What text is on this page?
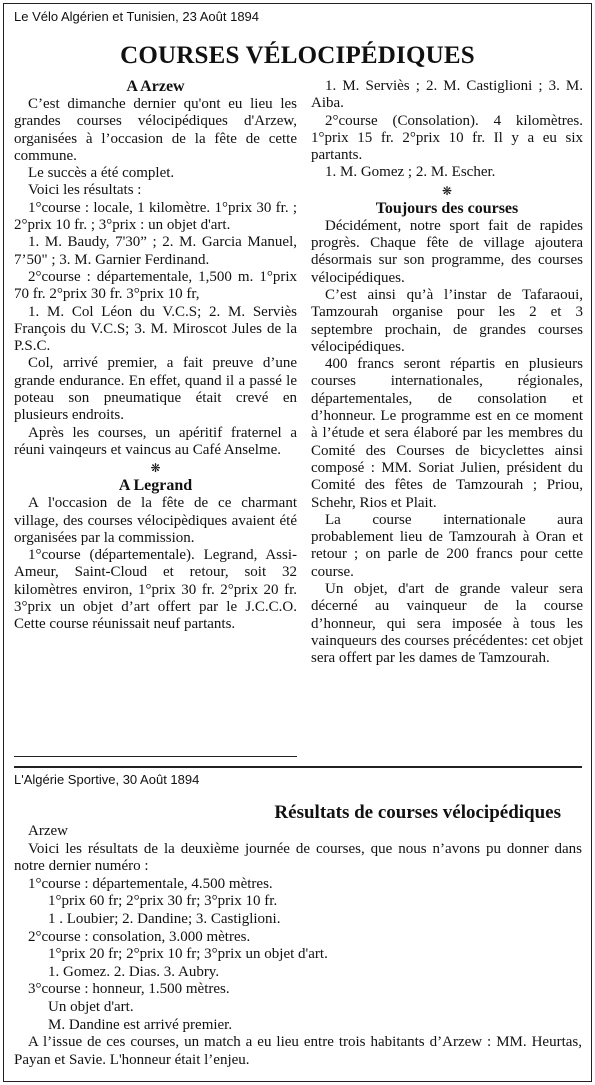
Le Vélo Algérien et Tunisien, 23 Août 1894
COURSES VÉLOCIPÉDIQUES

A Arzew

C’est dimanche dernier qu'ont eu lieu les grandes courses vélocipédiques d'Arzew, organisées à l’occasion de la fête de cette commune.

Le succès a été complet.

Voici les résultats :

1°course : locale, 1 kilomètre. 1°prix 30 fr. ; 2°prix 10 fr. ; 3°prix : un objet d'art.

1. M. Baudy, 7'30” ; 2. M. Garcia Manuel, 7’50" ; 3. M. Garnier Ferdinand.

2°course : départementale, 1,500 m. 1°prix 70 fr. 2°prix 30 fr. 3°prix 10 fr,

1. M. Col Léon du V.C.S; 2. M. Serviès François du V.C.S; 3. M. Miroscot Jules de la P.S.C.

Col, arrivé premier, a fait preuve d’une grande endurance. En effet, quand il a passé le poteau son pneumatique était crevé en plusieurs endroits.

Après les courses, un apéritif fraternel a réuni vainqeurs et vaincus au Café Anselme.

❋

A Legrand

A l'occasion de la fête de ce charmant village, des courses vélocipèdiques avaient été organisées par la commission.

1°course (départementale). Legrand, Assi-Ameur, Saint-Cloud et retour, soit 32 kilomètres environ, 1°prix 30 fr. 2°prix 20 fr. 3°prix un objet d’art offert par le J.C.C.O. Cette course réunissait neuf partants.

1. M. Serviès ; 2. M. Castiglioni ; 3. M. Aiba.

2°course (Consolation). 4 kilomètres. 1°prix 15 fr. 2°prix 10 fr. Il y a eu six partants.

1. M. Gomez ; 2. M. Escher.

❋

Toujours des courses

Décidément, notre sport fait de rapides progrès. Chaque fête de village ajoutera désormais sur son programme, des courses vélocipédiques.

C’est ainsi qu’à l’instar de Tafaraoui, Tamzourah organise pour les 2 et 3 septembre prochain, de grandes courses vélocipédiques.

400 francs seront répartis en plusieurs courses internationales, régionales, départementales, de consolation et d’honneur. Le programme est en ce moment à l’étude et sera élaboré par les membres du Comité des Courses de bicyclettes ainsi composé : MM. Soriat Julien, président du Comité des fêtes de Tamzourah ; Priou, Schehr, Rios et Plait.

La course internationale aura probablement lieu de Tamzourah à Oran et retour ; on parle de 200 francs pour cette course.

Un objet, d'art de grande valeur sera décerné au vainqueur de la course d’honneur, qui sera imposée à tous les vainqueurs des courses précédentes: cet objet sera offert par les dames de Tamzourah.

L'Algérie Sportive, 30 Août 1894
Résultats de courses vélocipédiques
Arzew
Voici les résultats de la deuxième journée de courses, que nous n’avons pu donner dans notre dernier numéro :
1°course : départementale, 4.500 mètres.
1°prix 60 fr; 2°prix 30 fr; 3°prix 10 fr.
1 . Loubier; 2. Dandine; 3. Castiglioni.
2°course : consolation, 3.000 mètres.
1°prix 20 fr; 2°prix 10 fr; 3°prix un objet d'art.
1. Gomez. 2. Dias. 3. Aubry.
3°course : honneur, 1.500 mètres.
Un objet d'art.
M. Dandine est arrivé premier.
A l’issue de ces courses, un match a eu lieu entre trois habitants d’Arzew : MM. Heurtas, Payan et Savie. L'honneur était l’enjeu.
